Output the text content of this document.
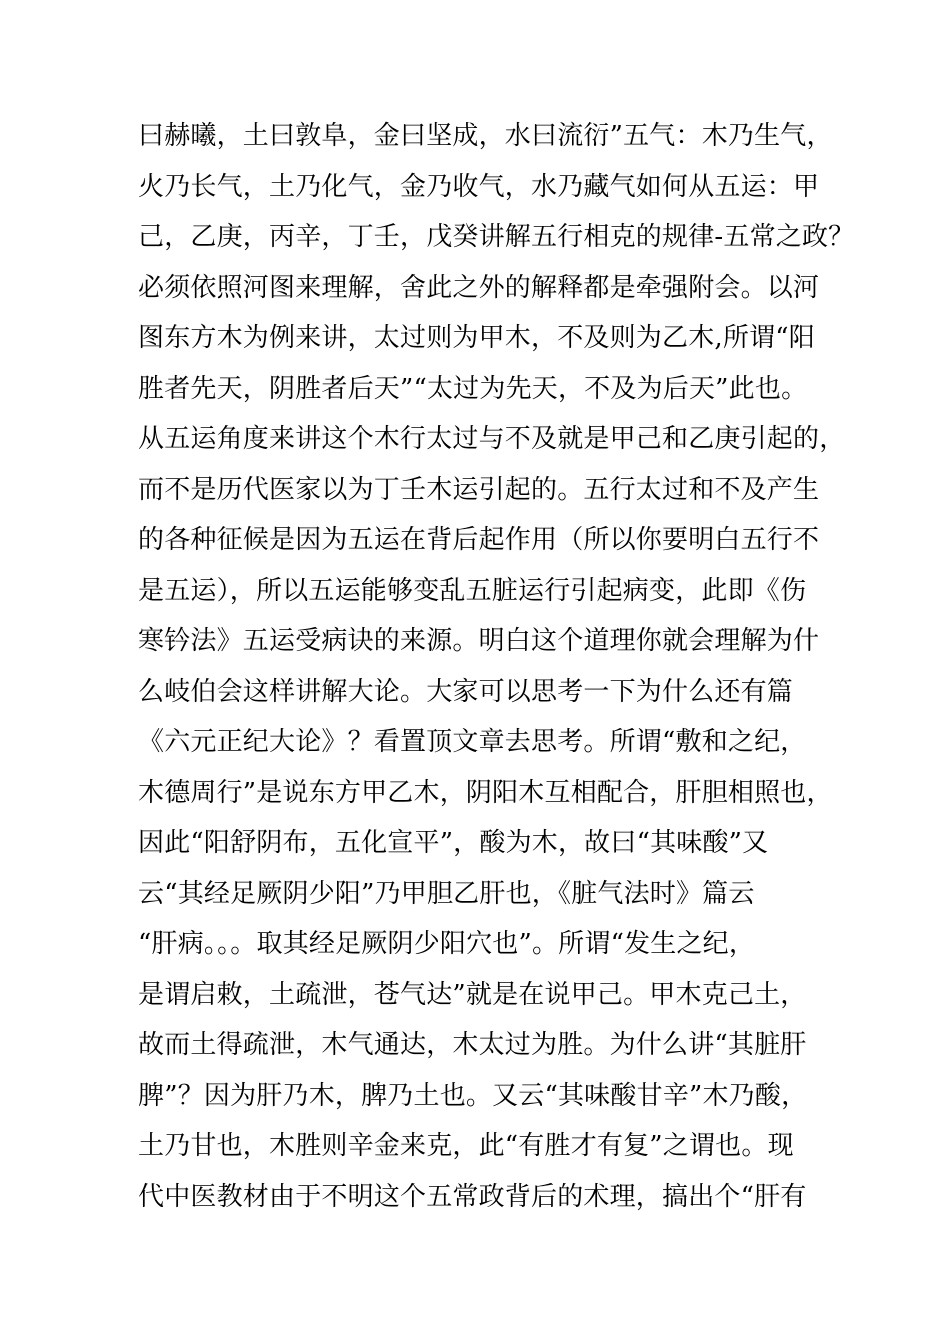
曰赫曦，土曰敦阜，金曰坚成，水曰流衍”五气：木乃生气，
火乃长气，土乃化气，金乃收气，水乃藏气如何从五运：甲
己，乙庚，丙辛，丁壬，戊癸讲解五行相克的规律-五常之政？
必须依照河图来理解，舍此之外的解释都是牵强附会。以河
图东方木为例来讲，太过则为甲木，不及则为乙木,所谓“阳
胜者先天，阴胜者后天”“太过为先天，不及为后天”此也。
从五运角度来讲这个木行太过与不及就是甲己和乙庚引起的，
而不是历代医家以为丁壬木运引起的。五行太过和不及产生
的各种征候是因为五运在背后起作用（所以你要明白五行不
是五运），所以五运能够变乱五脏运行引起病变，此即《伤
寒钤法》五运受病诀的来源。明白这个道理你就会理解为什
么岐伯会这样讲解大论。大家可以思考一下为什么还有篇
《六元正纪大论》？看置顶文章去思考。所谓“敷和之纪，
木德周行”是说东方甲乙木，阴阳木互相配合，肝胆相照也，
因此“阳舒阴布，五化宣平”，酸为木，故曰“其味酸”又
云“其经足厥阴少阳”乃甲胆乙肝也，《脏气法时》篇云
“肝病。。。取其经足厥阴少阳穴也”。所谓“发生之纪，
是谓启敕，土疏泄，苍气达”就是在说甲己。甲木克己土，
故而土得疏泄，木气通达，木太过为胜。为什么讲“其脏肝
脾”？因为肝乃木，脾乃土也。又云“其味酸甘辛”木乃酸，
土乃甘也，木胜则辛金来克，此“有胜才有复”之谓也。现
代中医教材由于不明这个五常政背后的术理，搞出个“肝有
